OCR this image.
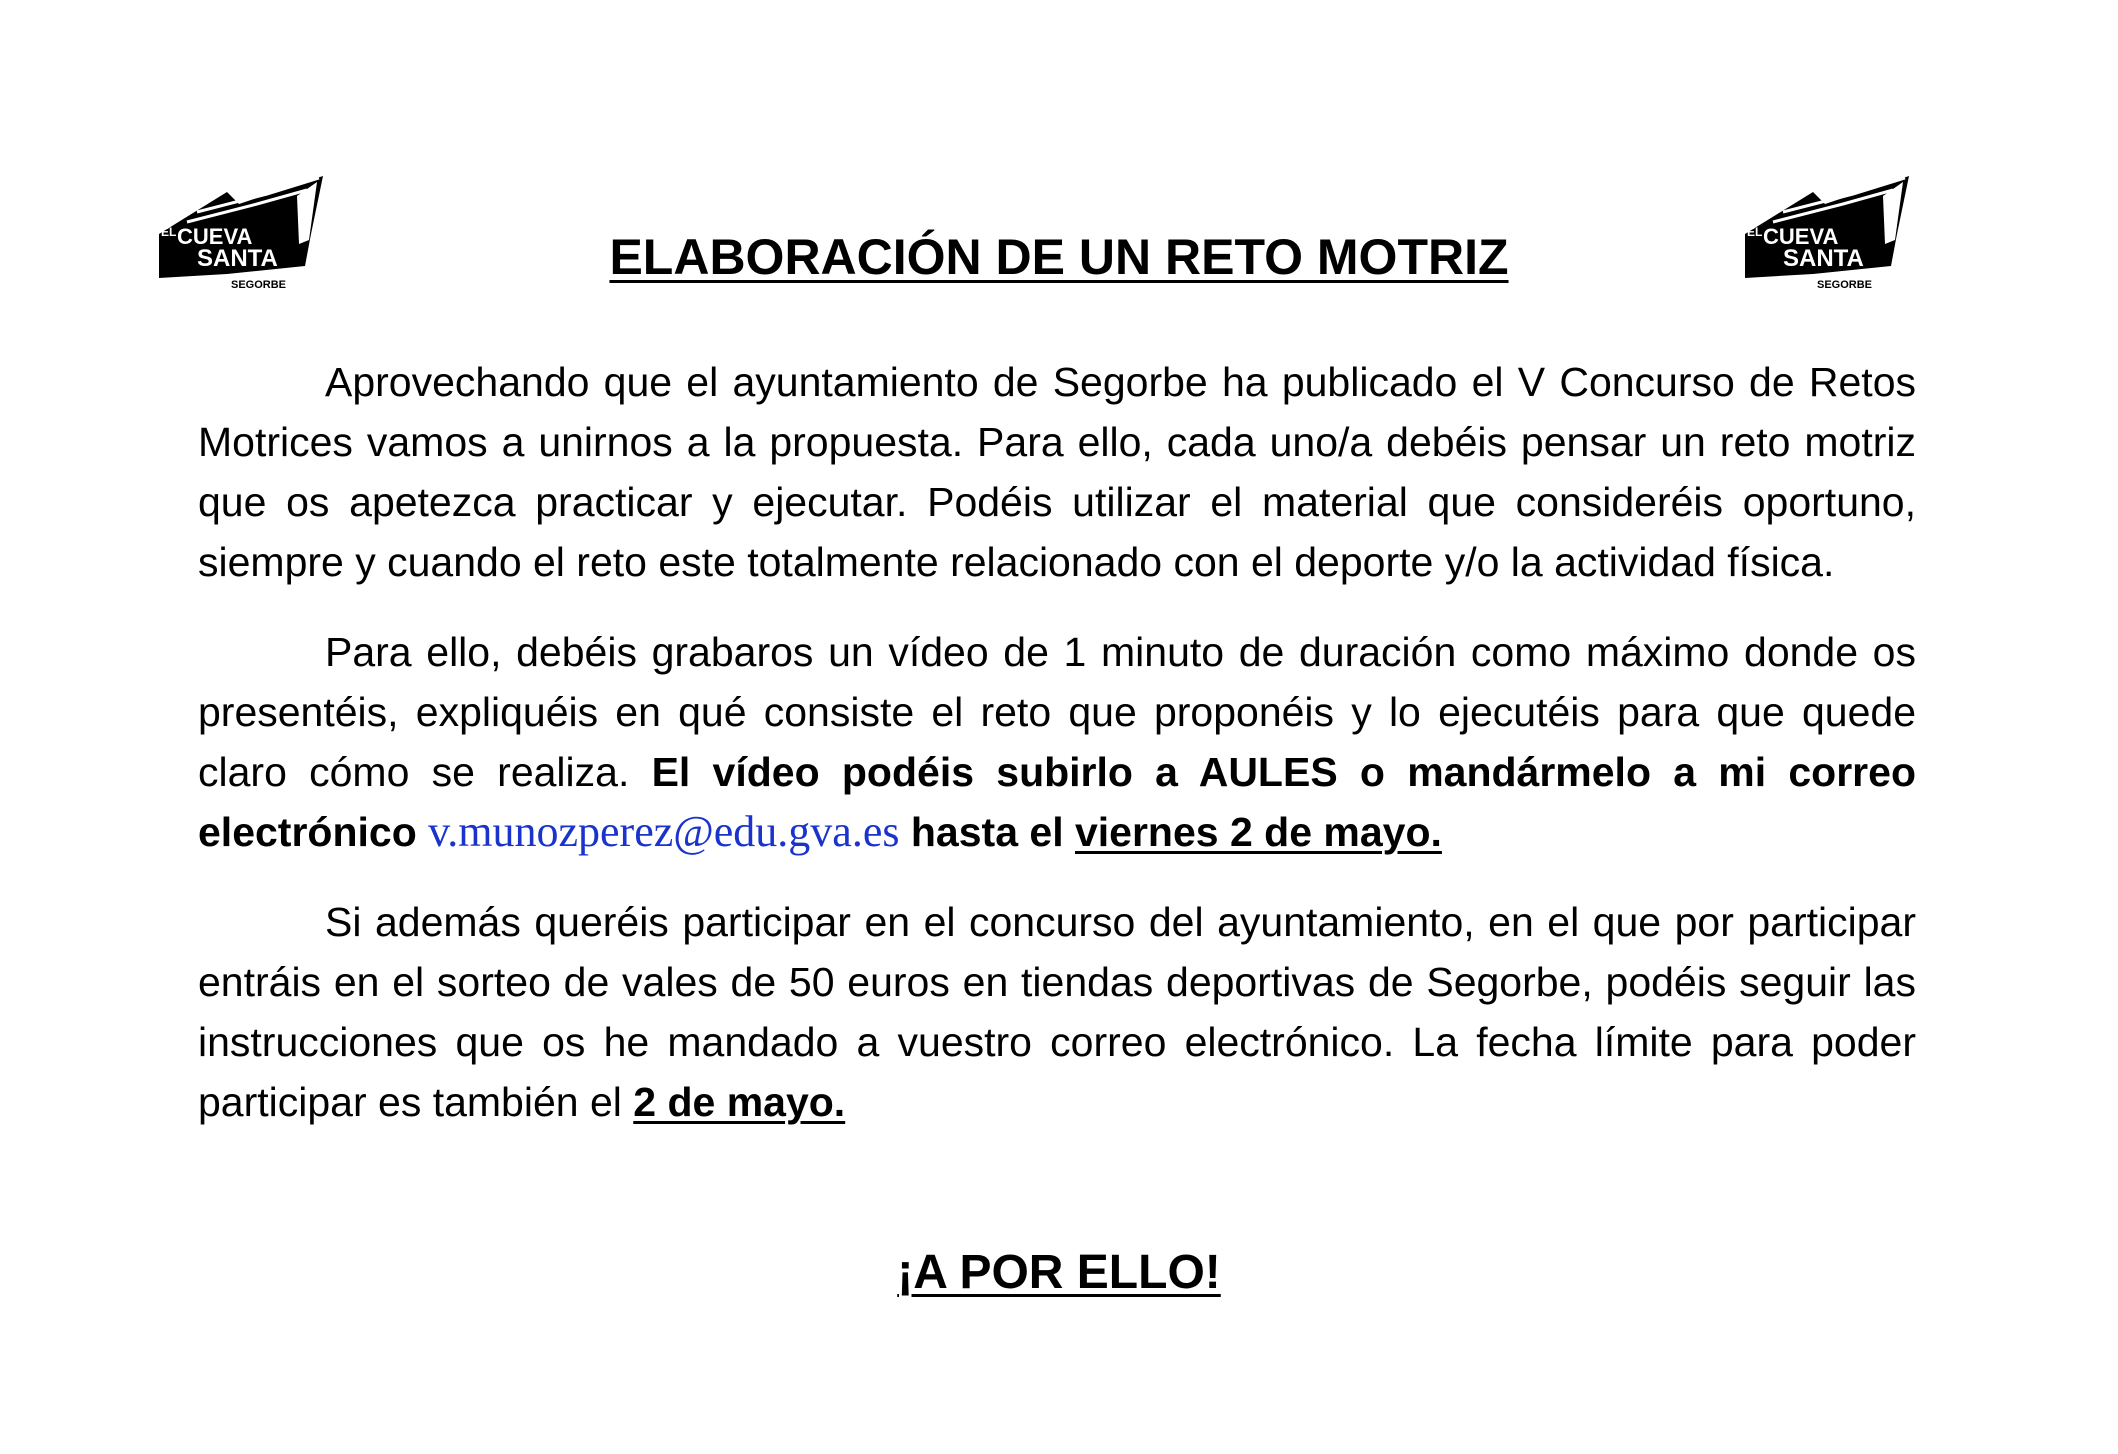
EL CUEVA
SANTA
SEGORBE
EL CUEVA
SANTA
SEGORBE
ELABORACIÓN DE UN RETO MOTRIZ

Aprovechando que el ayuntamiento de Segorbe ha publicado el V Concurso de Retos Motrices vamos a unirnos a la propuesta. Para ello, cada uno/a debéis pensar un reto motriz que os apetezca practicar y ejecutar. Podéis utilizar el material que consideréis oportuno, siempre y cuando el reto este totalmente relacionado con el deporte y/o la actividad física.

Para ello, debéis grabaros un vídeo de 1 minuto de duración como máximo donde os presentéis, expliquéis en qué consiste el reto que proponéis y lo ejecutéis para que quede claro cómo se realiza. El vídeo podéis subirlo a AULES o mandármelo a mi correo electrónico v.munozperez@edu.gva.es hasta el viernes 2 de mayo.

Si además queréis participar en el concurso del ayuntamiento, en el que por participar entráis en el sorteo de vales de 50 euros en tiendas deportivas de Segorbe, podéis seguir las instrucciones que os he mandado a vuestro correo electrónico. La fecha límite para poder participar es también el 2 de mayo.

¡A POR ELLO!
